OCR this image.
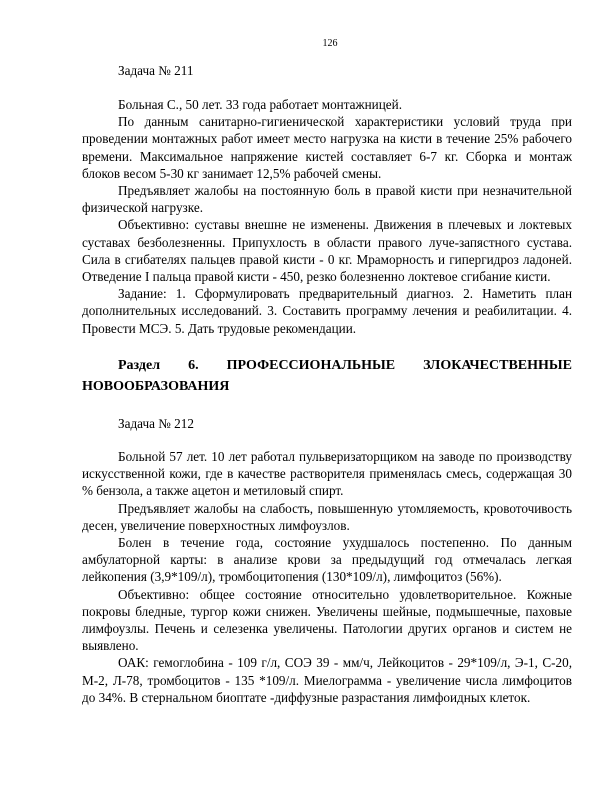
126

Задача № 211

Больная С., 50 лет. 33 года работает монтажницей.

По данным санитарно-гигиенической характеристики условий труда при проведении монтажных работ имеет место нагрузка на кисти в течение 25% рабочего времени. Максимальное напряжение кистей составляет 6-7 кг. Сборка и монтаж блоков весом 5-30 кг занимает 12,5% рабочей смены.

Предъявляет жалобы на постоянную боль в правой кисти при незначительной физической нагрузке.

Объективно: суставы внешне не изменены. Движения в плечевых и локтевых суставах безболезненны. Припухлость в области правого луче-запястного сустава. Сила в сгибателях пальцев правой кисти - 0 кг. Мраморность и гипергидроз ладоней. Отведение I пальца правой кисти - 450, резко болезненно локтевое сгибание кисти.

Задание: 1. Сформулировать предварительный диагноз. 2. Наметить план дополнительных исследований. 3. Составить программу лечения и реабилитации. 4. Провести МСЭ. 5. Дать трудовые рекомендации.

Раздел 6. ПРОФЕССИОНАЛЬНЫЕ ЗЛОКАЧЕСТВЕННЫЕ

НОВООБРАЗОВАНИЯ

Задача № 212

Больной 57 лет. 10 лет работал пульверизаторщиком на заводе по производству искусственной кожи, где в качестве растворителя применялась смесь, содержащая 30 % бензола, а также ацетон и метиловый спирт.

Предъявляет жалобы на слабость, повышенную утомляемость, кровоточивость десен, увеличение поверхностных лимфоузлов.

Болен в течение года, состояние ухудшалось постепенно. По данным амбулаторной карты: в анализе крови за предыдущий год отмечалась легкая лейкопения (3,9*109/л), тромбоцитопения (130*109/л), лимфоцитоз (56%).

Объективно: общее состояние относительно удовлетворительное. Кожные покровы бледные, тургор кожи снижен. Увеличены шейные, подмышечные, паховые лимфоузлы. Печень и селезенка увеличены. Патологии других органов и систем не выявлено.

ОАК: гемоглобина - 109 г/л, СОЭ 39 - мм/ч, Лейкоцитов - 29*109/л, Э-1, С-20, М-2, Л-78, тромбоцитов - 135 *109/л. Миелограмма - увеличение числа лимфоцитов до 34%. В стернальном биоптате -диффузные разрастания лимфоидных клеток.
